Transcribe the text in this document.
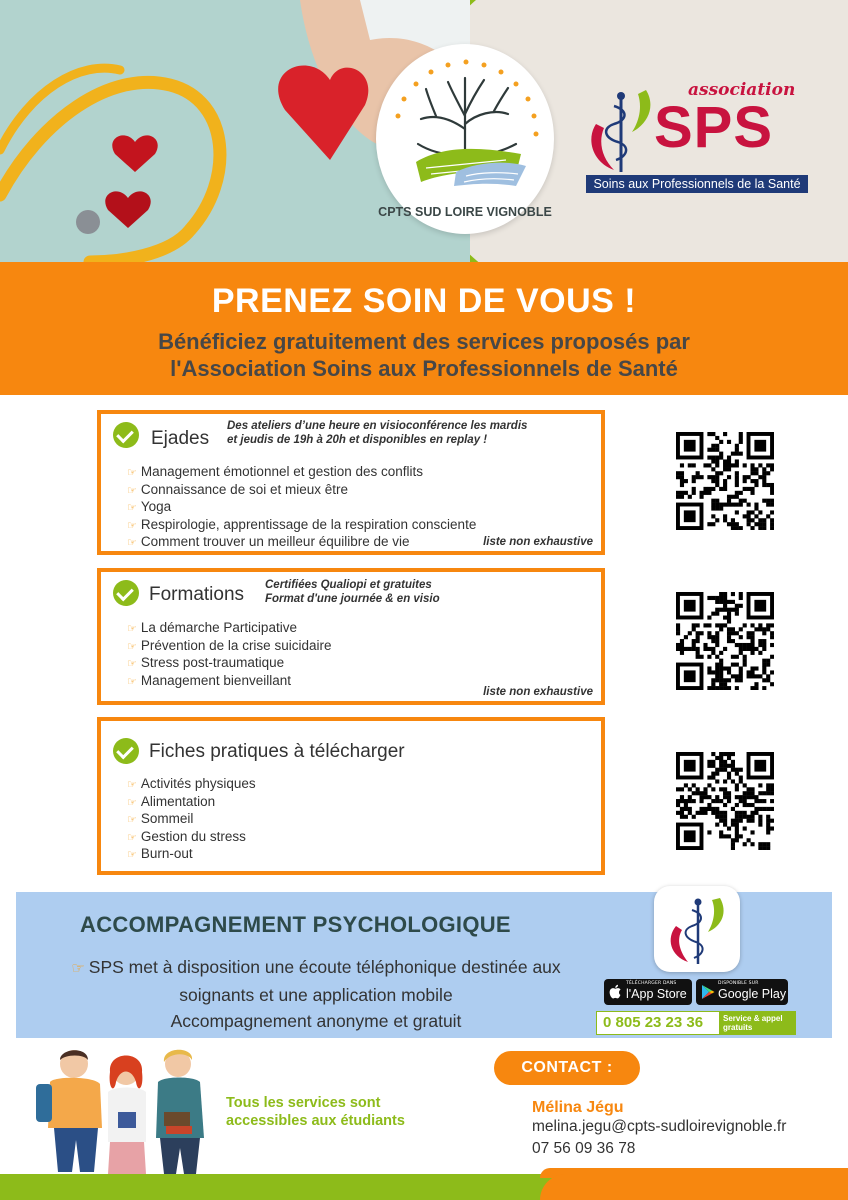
CPTS SUD LOIRE VIGNOBLE
association
SPS
Soins aux Professionnels de la Santé
PRENEZ SOIN DE VOUS !
Bénéficiez gratuitement des services proposés par
l'Association Soins aux Professionnels de Santé
Ejades
Des ateliers d’une heure en visioconférence les mardis
et jeudis de 19h à 20h et disponibles en replay !
☞ Management émotionnel et gestion des conflits
☞ Connaissance de soi et mieux être
☞ Yoga
☞ Respirologie, apprentissage de la respiration consciente
☞ Comment trouver un meilleur équilibre de vie	liste non exhaustive
Formations Certifiées Qualiopi et gratuites
Format d'une journée & en visio
☞ La démarche Participative
☞ Prévention de la crise suicidaire
☞ Stress post-traumatique
☞ Management bienveillant
liste non exhaustive
Fiches pratiques à télécharger
☞ Activités physiques
☞ Alimentation
☞ Sommeil
☞ Gestion du stress
☞ Burn-out
ACCOMPAGNEMENT PSYCHOLOGIQUE
☞ SPS met à disposition une écoute téléphonique destinée aux
soignants et une application mobile
Accompagnement anonyme et gratuit
TÉLÉCHARGER DANS
l'App Store
DISPONIBLE SUR
Google Play
0 805 23 23 36 Service & appel
gratuits
Tous les services sont
accessibles aux étudiants
CONTACT :
Mélina Jégu
melina.jegu@cpts-sudloirevignoble.fr
07 56 09 36 78
